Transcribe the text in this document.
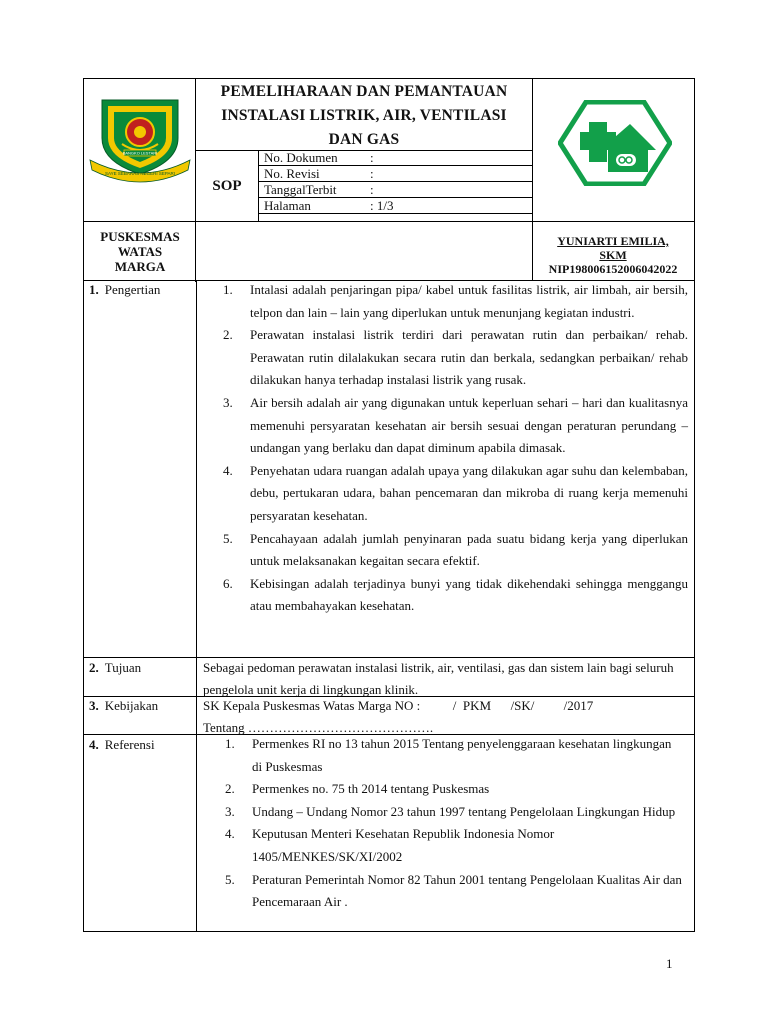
BANGKO LESTARI
SAYE SEBARAS NEGERI SEPARI
PEMELIHARAAN DAN PEMANTAUAN
INSTALASI LISTRIK, AIR, VENTILASI
DAN GAS
SOP
No. Dokumen	:
No. Revisi	:
TanggalTerbit	:
Halaman	: 1/3
PUSKESMAS
WATAS
MARGA
YUNIARTI EMILIA,
SKM
NIP198006152006042022
1. Pengertian	1. Intalasi adalah penjaringan pipa/ kabel untuk fasilitas listrik, air limbah, air bersih, telpon dan lain – lain yang diperlukan untuk menunjang kegiatan industri.
2. Perawatan instalasi listrik terdiri dari perawatan rutin dan perbaikan/ rehab. Perawatan rutin dilalakukan secara rutin dan berkala, sedangkan perbaikan/ rehab dilakukan hanya terhadap instalasi listrik yang rusak.
3. Air bersih adalah air yang digunakan untuk keperluan sehari – hari dan kualitasnya memenuhi persyaratan kesehatan air bersih sesuai dengan peraturan perundang – undangan yang berlaku dan dapat diminum apabila dimasak.
4. Penyehatan udara ruangan adalah upaya yang dilakukan agar suhu dan kelembaban, debu, pertukaran udara, bahan pencemaran dan mikroba di ruang kerja memenuhi persyaratan kesehatan.
5. Pencahayaan adalah jumlah penyinaran pada suatu bidang kerja yang diperlukan untuk melaksanakan kegaitan secara efektif.
6. Kebisingan adalah terjadinya bunyi yang tidak dikehendaki sehingga menggangu atau membahayakan kesehatan.
2. Tujuan	Sebagai pedoman perawatan instalasi listrik, air, ventilasi, gas dan sistem lain bagi seluruh pengelola unit kerja di lingkungan klinik.
3. Kebijakan	SK Kepala Puskesmas Watas Marga NO :          /  PKM      /SK/         /2017
Tentang …………………………………….
4. Referensi	1. Permenkes RI no 13 tahun 2015 Tentang penyelenggaraan kesehatan lingkungan di Puskesmas
2. Permenkes no. 75 th 2014 tentang Puskesmas
3. Undang – Undang Nomor 23 tahun 1997 tentang Pengelolaan Lingkungan Hidup
4. Keputusan Menteri Kesehatan Republik Indonesia Nomor 1405/MENKES/SK/XI/2002
5. Peraturan Pemerintah Nomor 82 Tahun 2001 tentang Pengelolaan Kualitas Air dan Pencemaraan Air .
1
